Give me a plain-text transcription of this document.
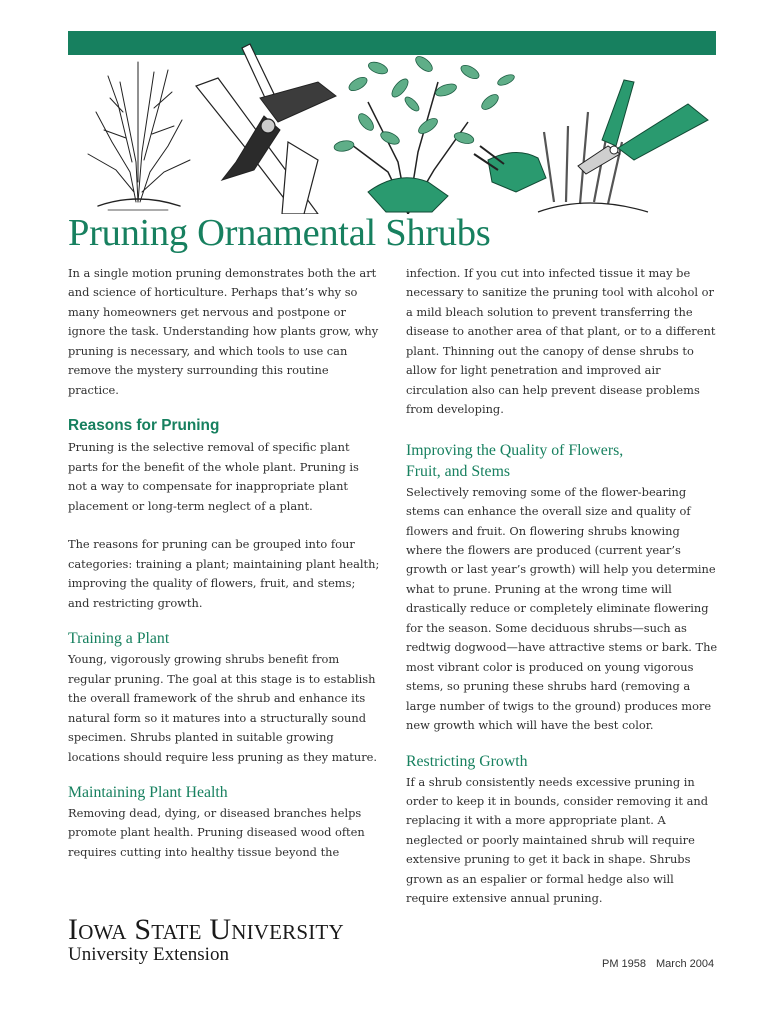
Pruning Ornamental Shrubs

In a single motion pruning demonstrates both the art and science of horticulture. Perhaps that’s why so many homeowners get nervous and postpone or ignore the task. Understanding how plants grow, why pruning is necessary, and which tools to use can remove the mystery surrounding this routine practice.

Reasons for Pruning

Pruning is the selective removal of specific plant parts for the benefit of the whole plant. Pruning is not a way to compensate for inappropriate plant placement or long-term neglect of a plant.

The reasons for pruning can be grouped into four categories: training a plant; maintaining plant health; improving the quality of flowers, fruit, and stems; and restricting growth.

Training a Plant

Young, vigorously growing shrubs benefit from regular pruning. The goal at this stage is to establish the overall framework of the shrub and enhance its natural form so it matures into a structurally sound specimen. Shrubs planted in suitable growing locations should require less pruning as they mature.

Maintaining Plant Health

Removing dead, dying, or diseased branches helps promote plant health. Pruning diseased wood often requires cutting into healthy tissue beyond the

infection. If you cut into infected tissue it may be necessary to sanitize the pruning tool with alcohol or a mild bleach solution to prevent transferring the disease to another area of that plant, or to a different plant. Thinning out the canopy of dense shrubs to allow for light penetration and improved air circulation also can help prevent disease problems from developing.

Improving the Quality of Flowers,
Fruit, and Stems

Selectively removing some of the flower-bearing stems can enhance the overall size and quality of flowers and fruit. On flowering shrubs knowing where the flowers are produced (current year’s growth or last year’s growth) will help you determine what to prune. Pruning at the wrong time will drastically reduce or completely eliminate flowering for the season. Some deciduous shrubs—such as redtwig dogwood—have attractive stems or bark. The most vibrant color is produced on young vigorous stems, so pruning these shrubs hard (removing a large number of twigs to the ground) produces more new growth which will have the best color.

Restricting Growth

If a shrub consistently needs excessive pruning in order to keep it in bounds, consider removing it and replacing it with a more appropriate plant. A neglected or poorly maintained shrub will require extensive pruning to get it back in shape. Shrubs grown as an espalier or formal hedge also will require extensive annual pruning.

Iowa State University
University Extension	PM 1958 March 2004
